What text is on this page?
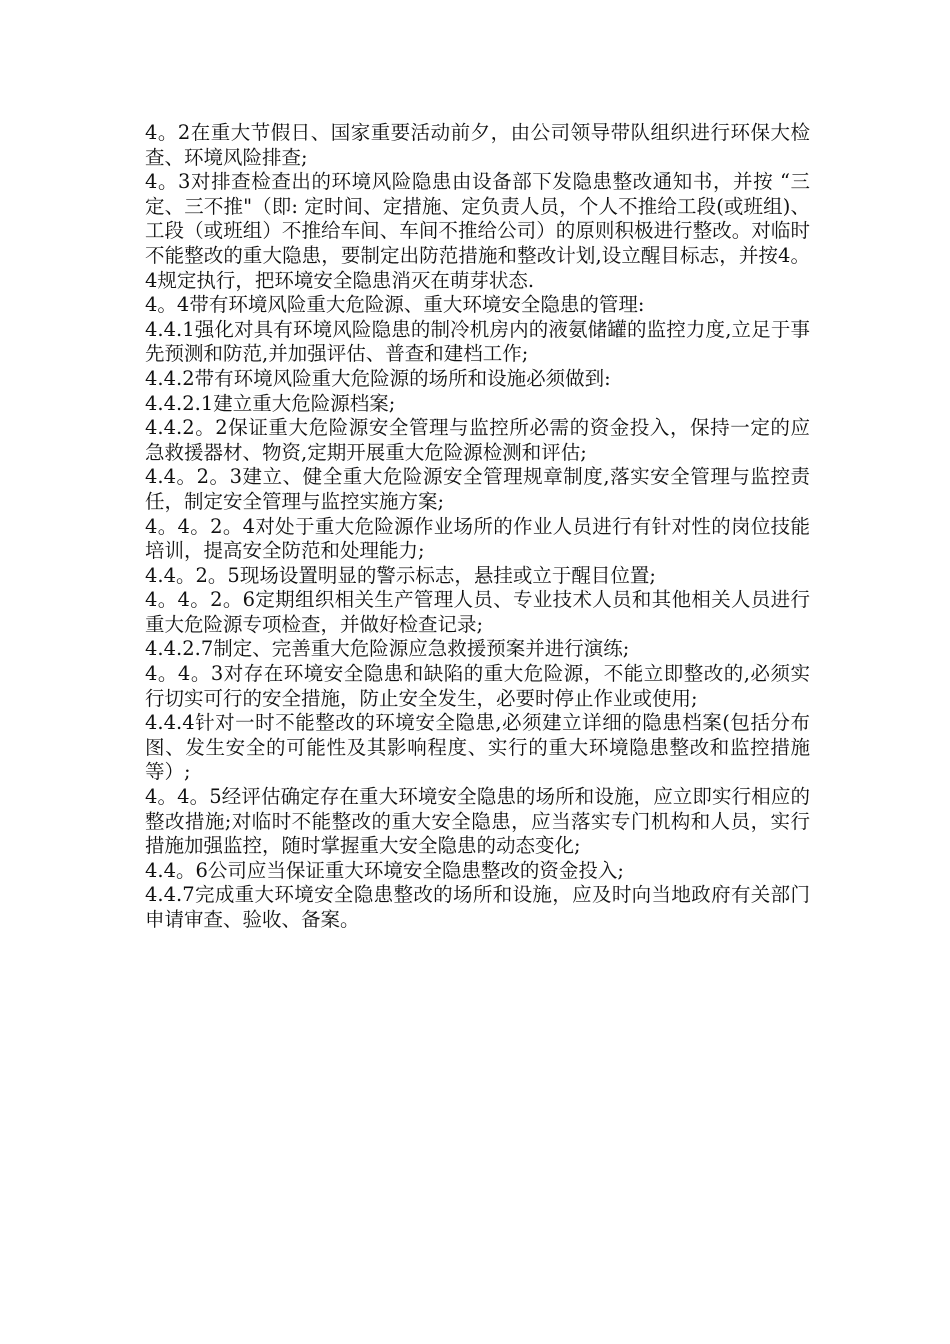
4。2在重大节假日、国家重要活动前夕，由公司领导带队组织进行环保大检查、环境风险排查;

4。3对排查检查出的环境风险隐患由设备部下发隐患整改通知书，并按 “三定、三不推"（即: 定时间、定措施、定负责人员，个人不推给工段(或班组)、工段（或班组）不推给车间、车间不推给公司）的原则积极进行整改。对临时不能整改的重大隐患，要制定出防范措施和整改计划,设立醒目标志，并按4。4规定执行，把环境安全隐患消灭在萌芽状态.

4。4带有环境风险重大危险源、重大环境安全隐患的管理:

4.4.1强化对具有环境风险隐患的制冷机房内的液氨储罐的监控力度,立足于事先预测和防范,并加强评估、普查和建档工作;

4.4.2带有环境风险重大危险源的场所和设施必须做到:

4.4.2.1建立重大危险源档案;

4.4.2。2保证重大危险源安全管理与监控所必需的资金投入，保持一定的应急救援器材、物资,定期开展重大危险源检测和评估;

4.4。2。3建立、健全重大危险源安全管理规章制度,落实安全管理与监控责任，制定安全管理与监控实施方案;

4。4。2。4对处于重大危险源作业场所的作业人员进行有针对性的岗位技能培训，提高安全防范和处理能力;

4.4。2。5现场设置明显的警示标志，悬挂或立于醒目位置;

4。4。2。6定期组织相关生产管理人员、专业技术人员和其他相关人员进行重大危险源专项检查，并做好检查记录;

4.4.2.7制定、完善重大危险源应急救援预案并进行演练;

4。4。3对存在环境安全隐患和缺陷的重大危险源，不能立即整改的,必须实行切实可行的安全措施，防止安全发生，必要时停止作业或使用;

4.4.4针对一时不能整改的环境安全隐患,必须建立详细的隐患档案(包括分布图、发生安全的可能性及其影响程度、实行的重大环境隐患整改和监控措施等）;

4。4。5经评估确定存在重大环境安全隐患的场所和设施，应立即实行相应的整改措施;对临时不能整改的重大安全隐患，应当落实专门机构和人员，实行措施加强监控，随时掌握重大安全隐患的动态变化;

4.4。6公司应当保证重大环境安全隐患整改的资金投入;

4.4.7完成重大环境安全隐患整改的场所和设施，应及时向当地政府有关部门申请审查、验收、备案。
